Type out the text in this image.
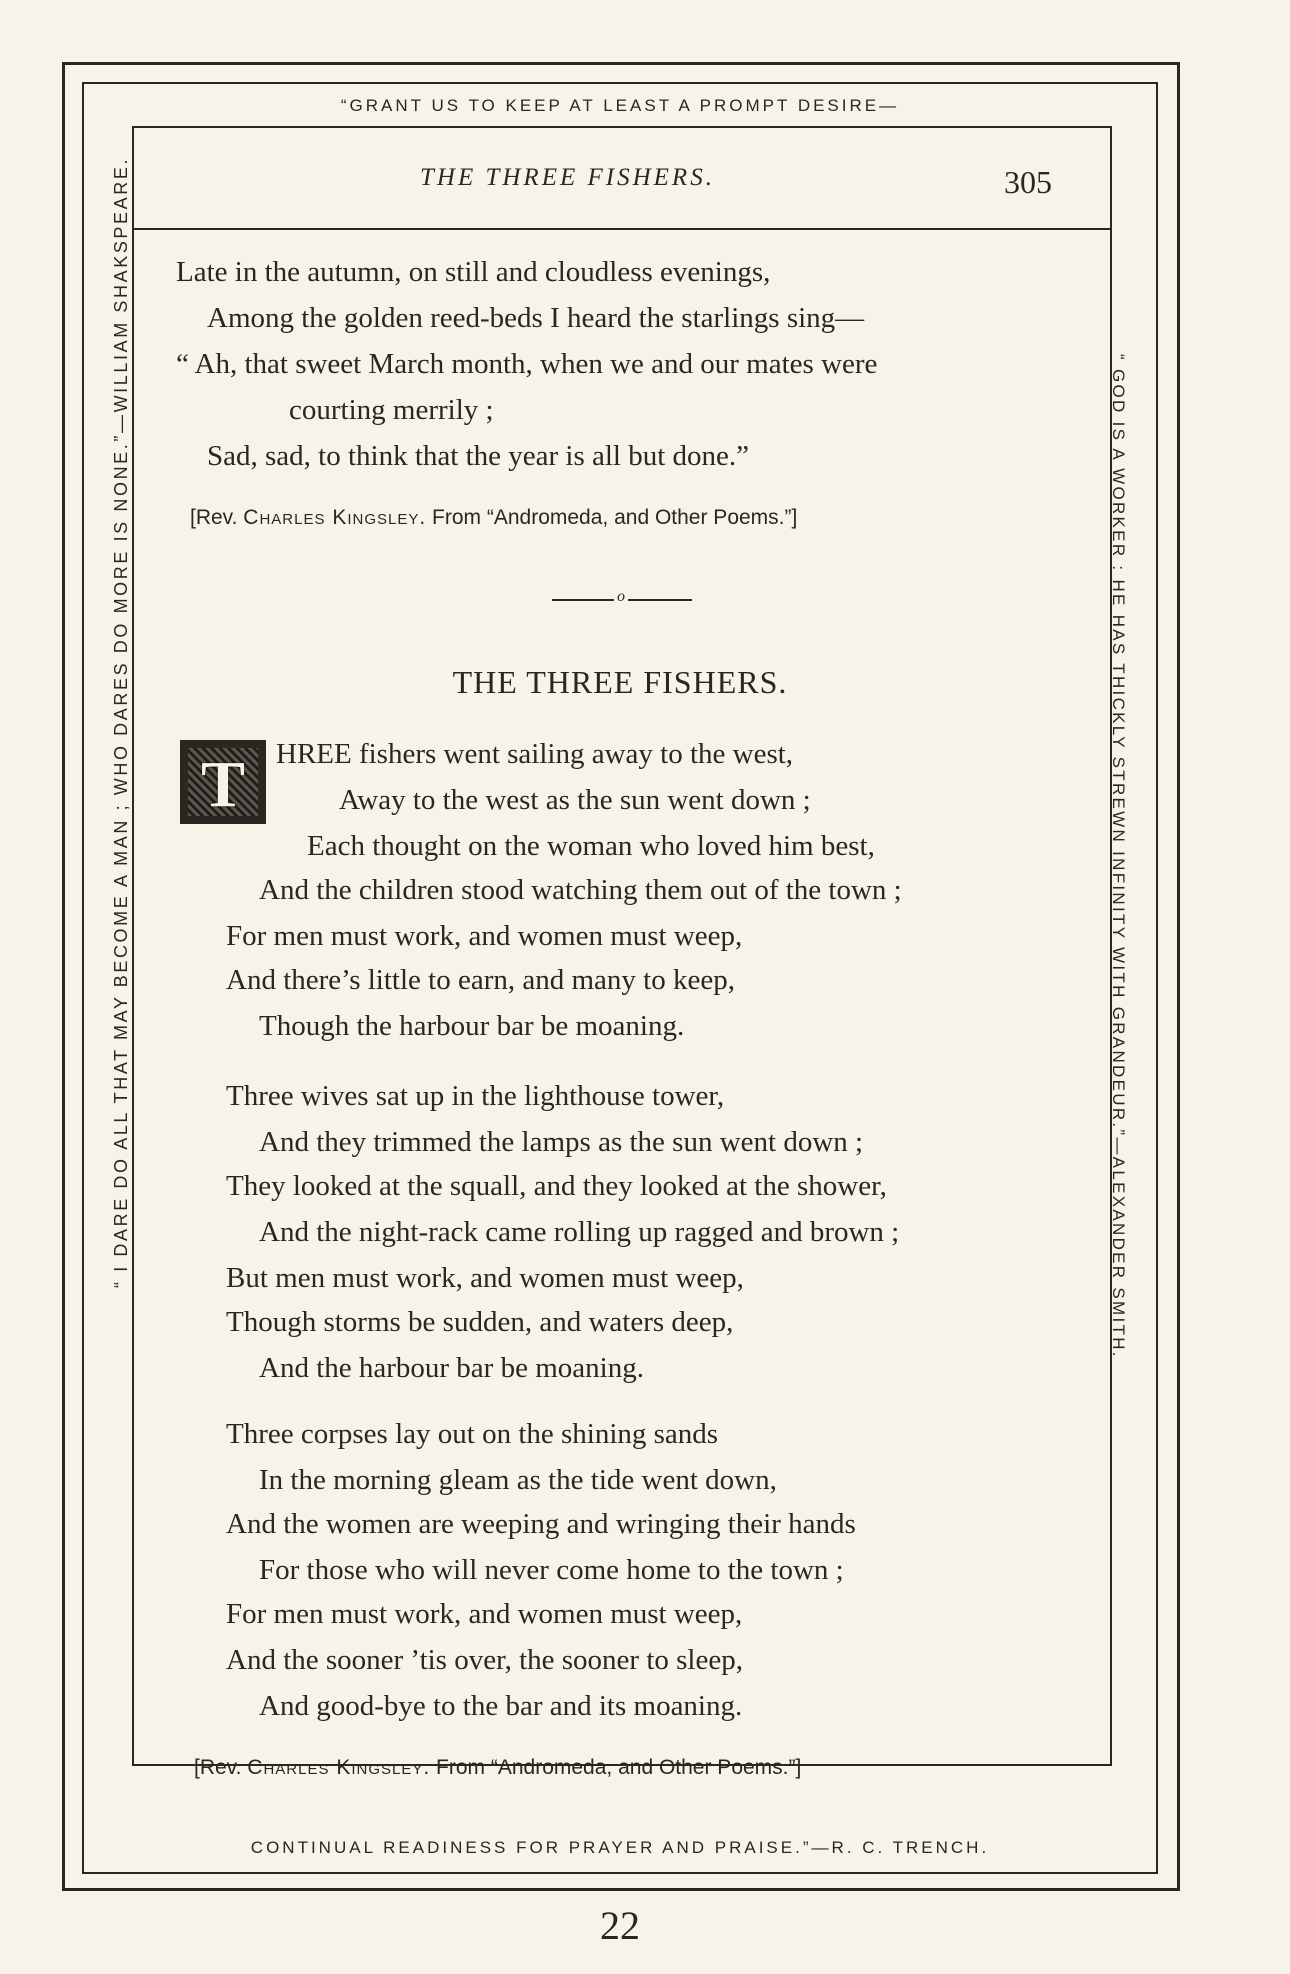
“GRANT US TO KEEP AT LEAST A PROMPT DESIRE—
CONTINUAL READINESS FOR PRAYER AND PRAISE.”—R. C. TRENCH.
“ I DARE DO ALL THAT MAY BECOME A MAN ; WHO DARES DO MORE IS NONE.”—WILLIAM SHAKSPEARE.	“ GOD IS A WORKER : HE HAS THICKLY STREWN INFINITY WITH GRANDEUR.”—ALEXANDER SMITH.
THE THREE FISHERS.	305
Late in the autumn, on still and cloudless evenings,
Among the golden reed-beds I heard the starlings sing—
“ Ah, that sweet March month, when we and our mates were
courting merrily ;
Sad, sad, to think that the year is all but done.”
[Rev. Charles Kingsley. From “Andromeda, and Other Poems.”]
o
THE THREE FISHERS.
T	HREE fishers went sailing away to the west,
Away to the west as the sun went down ;
Each thought on the woman who loved him best,
And the children stood watching them out of the town ;
For men must work, and women must weep,
And there’s little to earn, and many to keep,
Though the harbour bar be moaning.
Three wives sat up in the lighthouse tower,
And they trimmed the lamps as the sun went down ;
They looked at the squall, and they looked at the shower,
And the night-rack came rolling up ragged and brown ;
But men must work, and women must weep,
Though storms be sudden, and waters deep,
And the harbour bar be moaning.
Three corpses lay out on the shining sands
In the morning gleam as the tide went down,
And the women are weeping and wringing their hands
For those who will never come home to the town ;
For men must work, and women must weep,
And the sooner ’tis over, the sooner to sleep,
And good-bye to the bar and its moaning.
[Rev. Charles Kingsley. From “Andromeda, and Other Poems.”]
22
